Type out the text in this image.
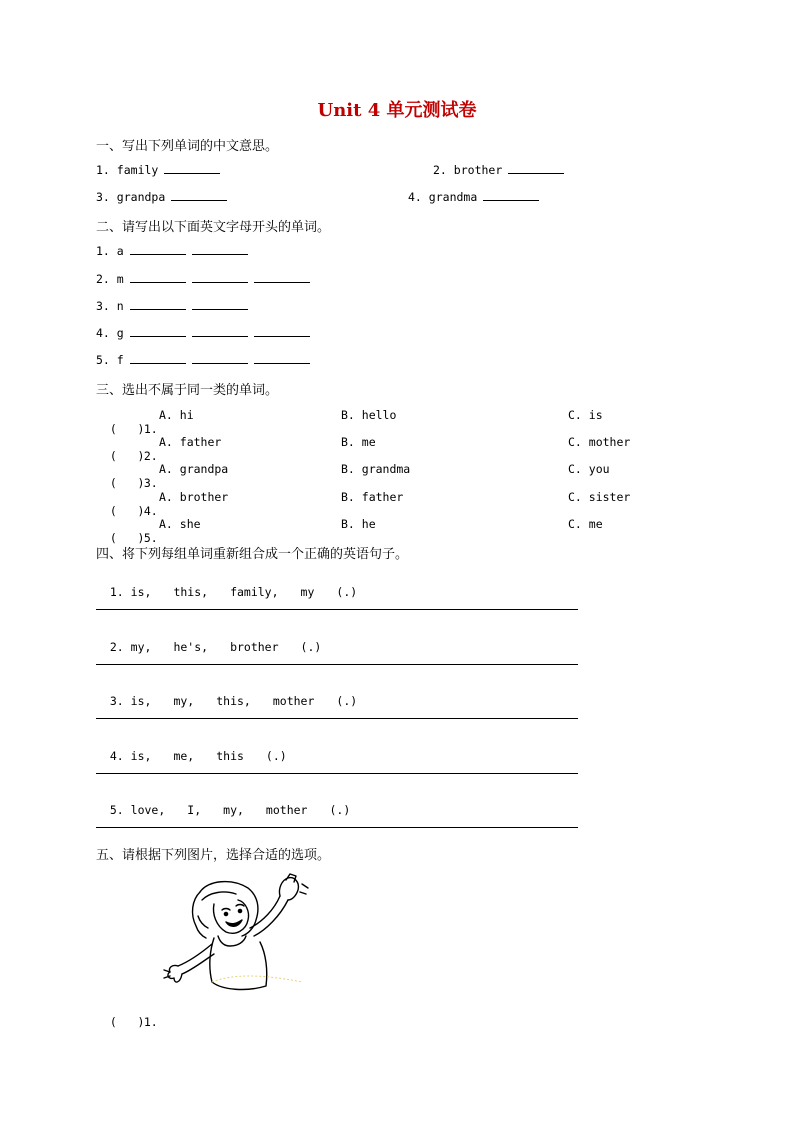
Unit 4 单元测试卷
一、写出下列单词的中文意思。
1. family	2. brother
3. grandpa	4. grandma
二、请写出以下面英文字母开头的单词。
1. a
2. m
3. n
4. g
5. f
三、选出不属于同一类的单词。

(   )1.

A. hi	B. hello	C. is

(   )2.

A. father	B. me	C. mother

(   )3.

A. grandpa	B. grandma	C. you

(   )4.

A. brother	B. father	C. sister

(   )5.

A. she	B. he	C. me
四、将下列每组单词重新组合成一个正确的英语句子。

1. is, this, family, my (.)

2. my, he's, brother (.)

3. is, my, this, mother (.)

4. is, me, this (.)

5. love, I, my, mother (.)

五、请根据下列图片，选择合适的选项。

(   )1.
